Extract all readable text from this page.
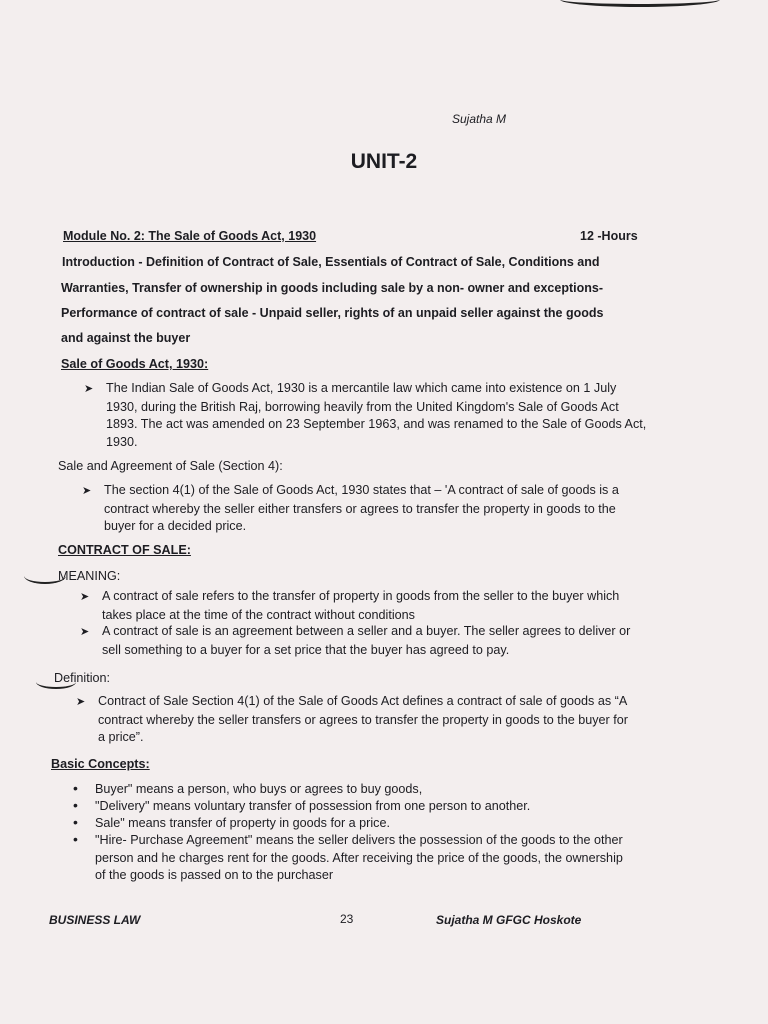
Sujatha M
UNIT-2
Module No. 2: The Sale of Goods Act, 1930	12 -Hours
Introduction - Definition of Contract of Sale, Essentials of Contract of Sale, Conditions and
Warranties, Transfer of ownership in goods including sale by a non- owner and exceptions-
Performance of contract of sale - Unpaid seller, rights of an unpaid seller against the goods
and against the buyer
Sale of Goods Act, 1930:
➤ The Indian Sale of Goods Act, 1930 is a mercantile law which came into existence on 1 July
1930, during the British Raj, borrowing heavily from the United Kingdom's Sale of Goods Act
1893. The act was amended on 23 September 1963, and was renamed to the Sale of Goods Act,
1930.
Sale and Agreement of Sale (Section 4):
➤ The section 4(1) of the Sale of Goods Act, 1930 states that – 'A contract of sale of goods is a
contract whereby the seller either transfers or agrees to transfer the property in goods to the
buyer for a decided price.
CONTRACT OF SALE:
MEANING:
➤ A contract of sale refers to the transfer of property in goods from the seller to the buyer which
takes place at the time of the contract without conditions
➤ A contract of sale is an agreement between a seller and a buyer. The seller agrees to deliver or
sell something to a buyer for a set price that the buyer has agreed to pay.
Definition:
➤ Contract of Sale Section 4(1) of the Sale of Goods Act defines a contract of sale of goods as “A
contract whereby the seller transfers or agrees to transfer the property in goods to the buyer for
a price”.
Basic Concepts:
• Buyer" means a person, who buys or agrees to buy goods,
• "Delivery" means voluntary transfer of possession from one person to another.
• Sale" means transfer of property in goods for a price.
• "Hire- Purchase Agreement" means the seller delivers the possession of the goods to the other
person and he charges rent for the goods. After receiving the price of the goods, the ownership
of the goods is passed on to the purchaser
BUSINESS LAW	23	Sujatha M GFGC Hoskote
